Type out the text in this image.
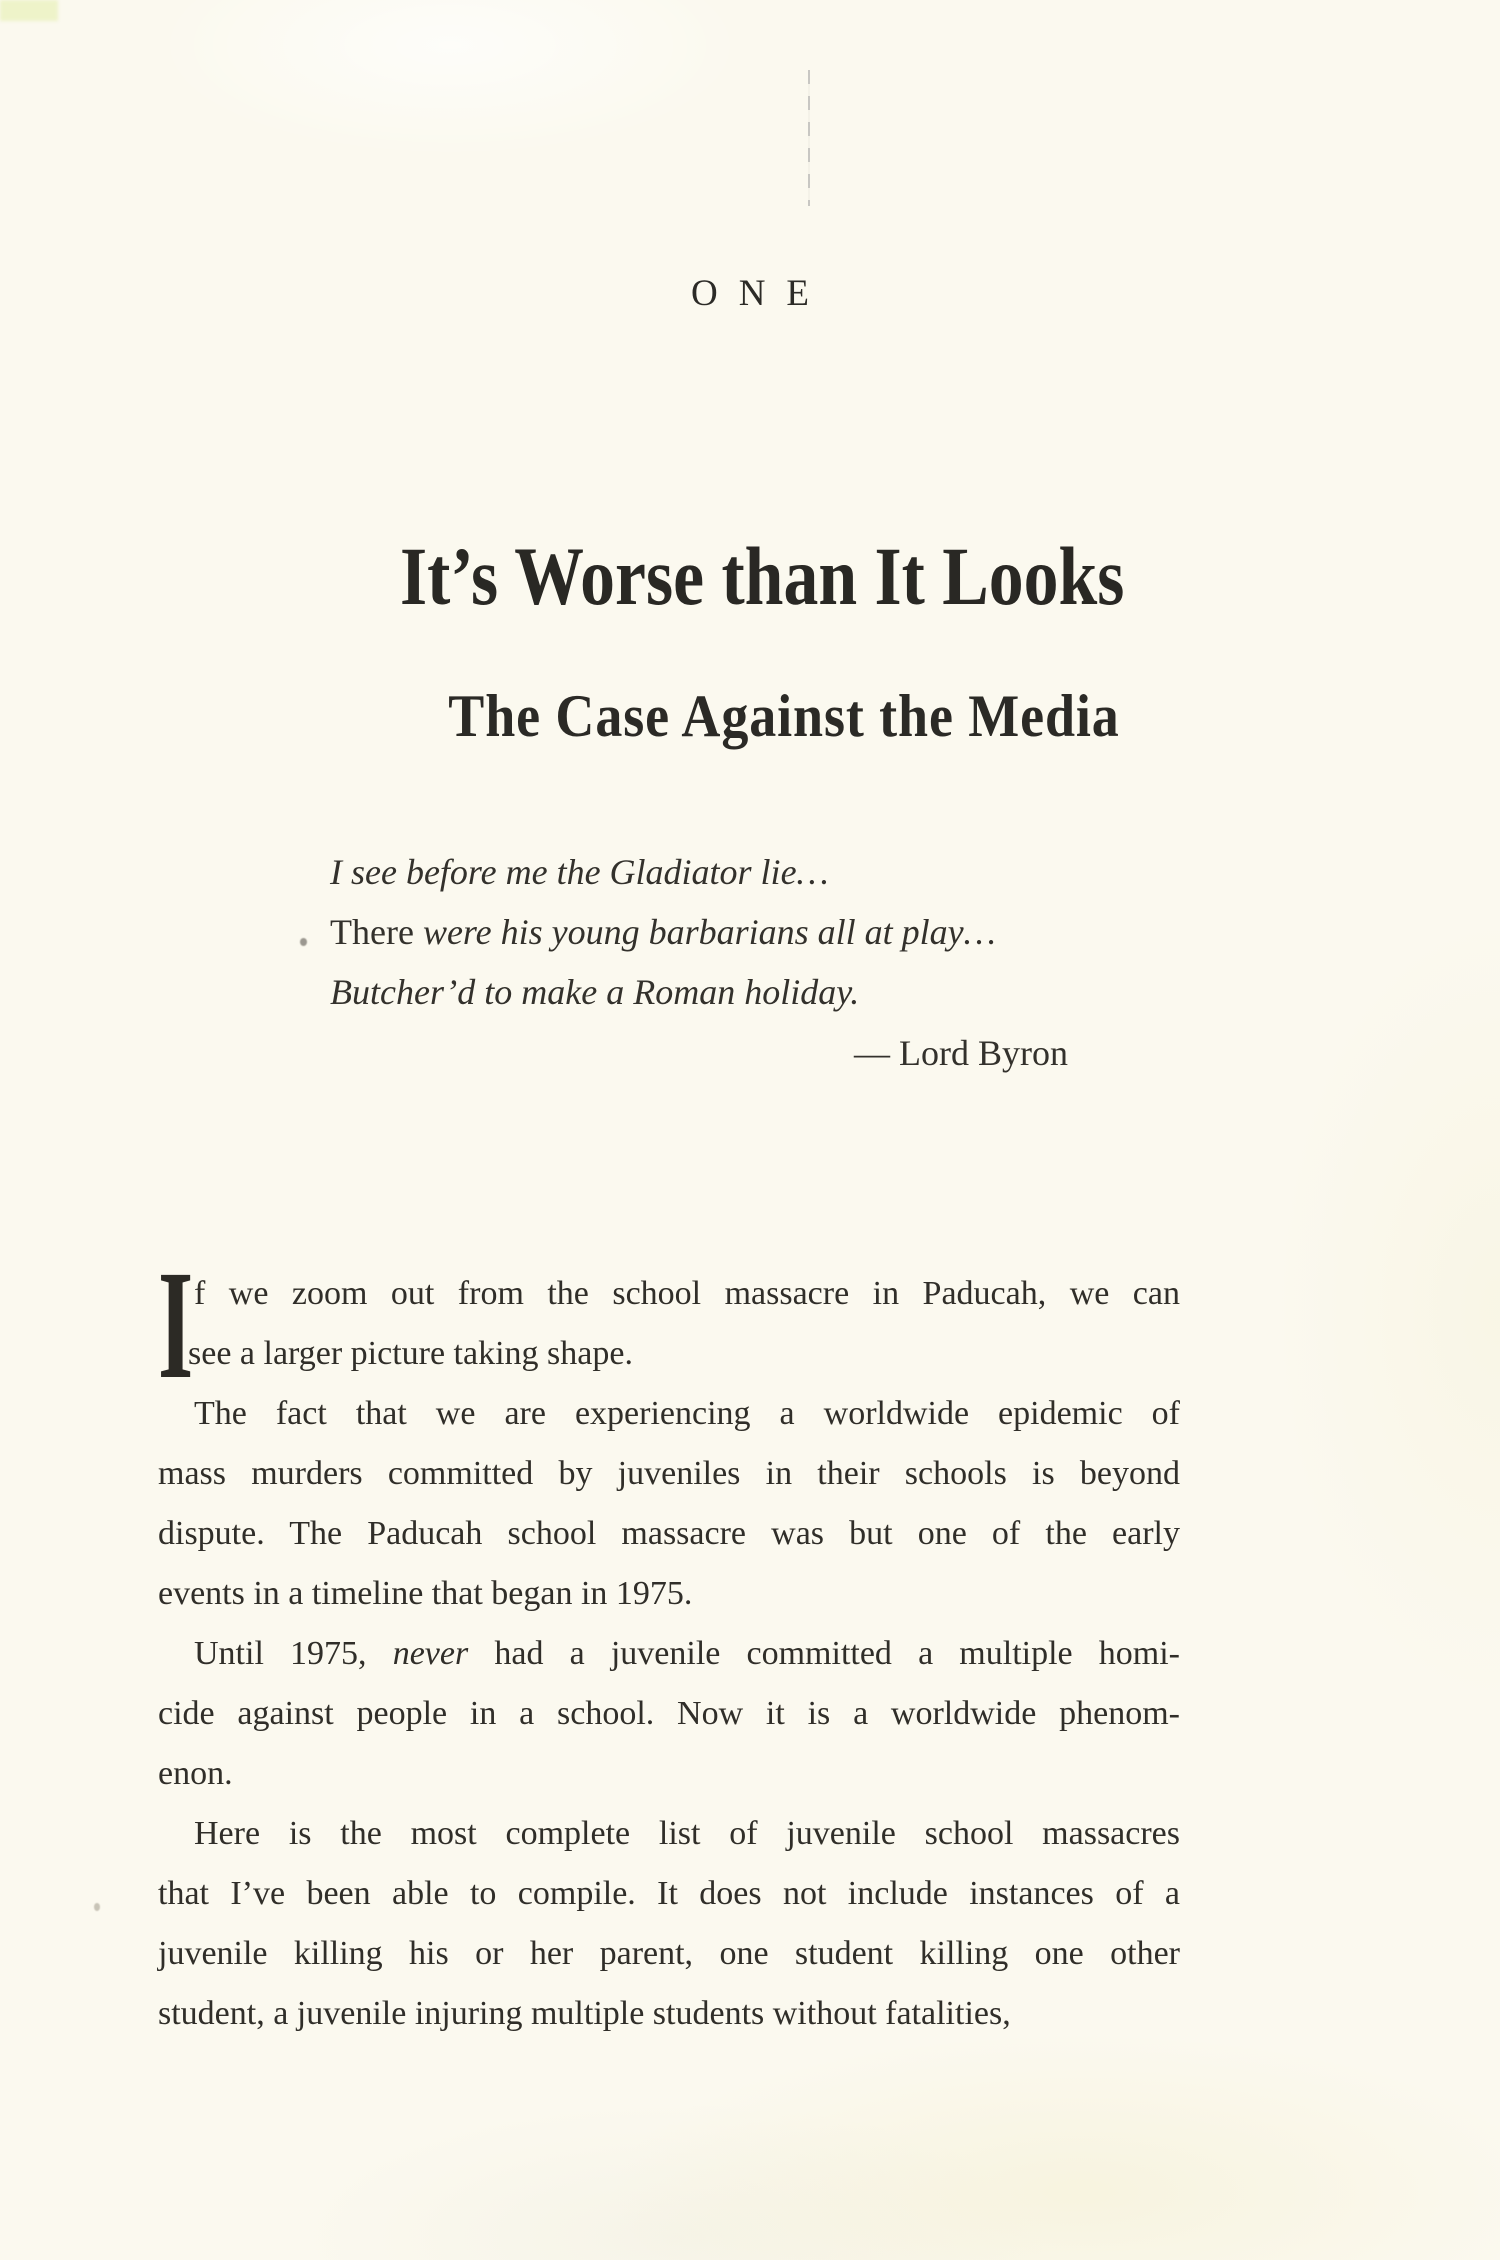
ONE
It’s Worse than It Looks
The Case Against the Media
I see before me the Gladiator lie…
There were his young barbarians all at play…
Butcher’d to make a Roman holiday.
— Lord Byron
I f we zoom out from the school massacre in Paducah, we can
see a larger picture taking shape.
The fact that we are experiencing a worldwide epidemic of
mass murders committed by juveniles in their schools is beyond
dispute. The Paducah school massacre was but one of the early
events in a timeline that began in 1975.
Until 1975, never had a juvenile committed a multiple homi-
cide against people in a school. Now it is a worldwide phenom-
enon.
Here is the most complete list of juvenile school massacres
that I’ve been able to compile. It does not include instances of a
juvenile killing his or her parent, one student killing one other
student, a juvenile injuring multiple students without fatalities,
